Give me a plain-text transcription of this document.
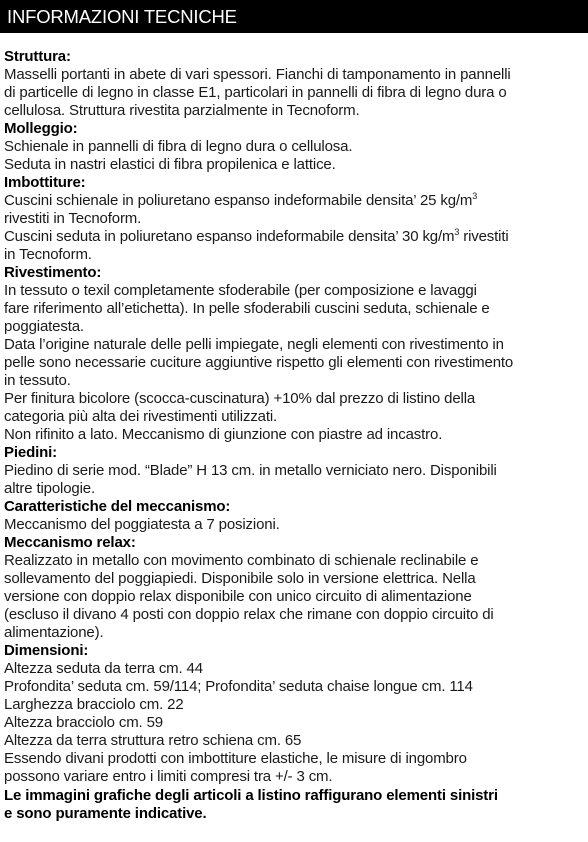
INFORMAZIONI TECNICHE
Struttura:

Masselli portanti in abete di vari spessori. Fianchi di tamponamento in pannelli
di particelle di legno in classe E1, particolari in pannelli di fibra di legno dura o
cellulosa. Struttura rivestita parzialmente in Tecnoform.

Molleggio:

Schienale in pannelli di fibra di legno dura o cellulosa.

Seduta in nastri elastici di fibra propilenica e lattice.

Imbottiture:

Cuscini schienale in poliuretano espanso indeformabile densita’ 25 $kg/m^3$
rivestiti in Tecnoform.

Cuscini seduta in poliuretano espanso indeformabile densita’ 30 $kg/m^3$ rivestiti
in Tecnoform.

Rivestimento:

In tessuto o texil completamente sfoderabile (per composizione e lavaggi
fare riferimento all’etichetta). In pelle sfoderabili cuscini seduta, schienale e
poggiatesta.

Data l’origine naturale delle pelli impiegate, negli elementi con rivestimento in
pelle sono necessarie cuciture aggiuntive rispetto gli elementi con rivestimento
in tessuto.

Per finitura bicolore (scocca-cuscinatura) +10% dal prezzo di listino della
categoria più alta dei rivestimenti utilizzati.

Non rifinito a lato. Meccanismo di giunzione con piastre ad incastro.

Piedini:

Piedino di serie mod. “Blade” H 13 cm. in metallo verniciato nero. Disponibili
altre tipologie.

Caratteristiche del meccanismo:

Meccanismo del poggiatesta a 7 posizioni.

Meccanismo relax:

Realizzato in metallo con movimento combinato di schienale reclinabile e
sollevamento del poggiapiedi. Disponibile solo in versione elettrica. Nella
versione con doppio relax disponibile con unico circuito di alimentazione
(escluso il divano 4 posti con doppio relax che rimane con doppio circuito di
alimentazione).

Dimensioni:

Altezza seduta da terra cm. 44

Profondita’ seduta cm. 59/114; Profondita’ seduta chaise longue cm. 114

Larghezza bracciolo cm. 22

Altezza bracciolo cm. 59

Altezza da terra struttura retro schiena cm. 65

Essendo divani prodotti con imbottiture elastiche, le misure di ingombro
possono variare entro i limiti compresi tra +/- 3 cm.

Le immagini grafiche degli articoli a listino raffigurano elementi sinistri
e sono puramente indicative.
